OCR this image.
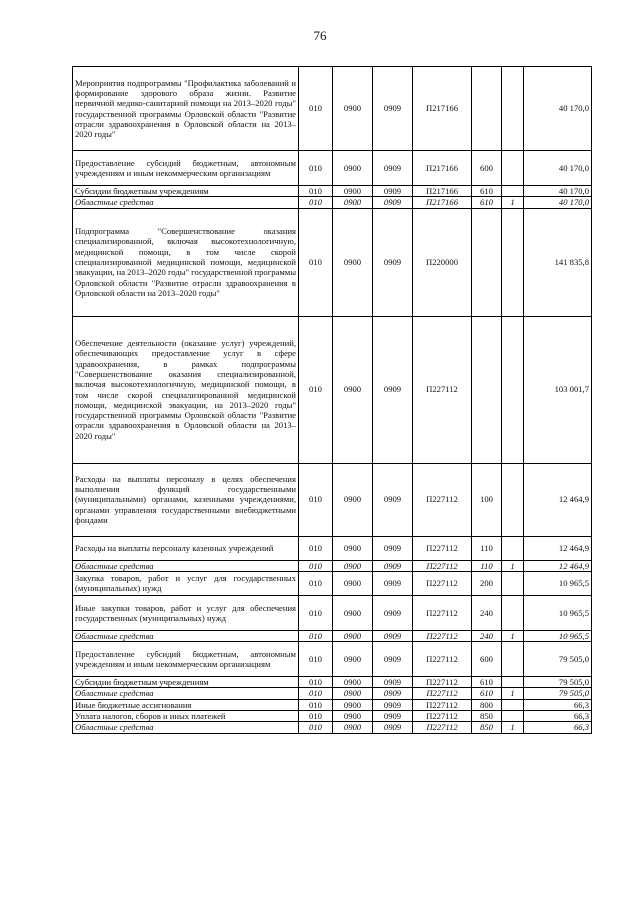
76
Мероприятия подпрограммы "Профилактика заболеваний и формирование здорового образа жизни. Развитие первичной медико-санитарной помощи на 2013–2020 годы" государственной программы Орловской области "Развитие отрасли здравоохранения в Орловской области на 2013–2020 годы"	010	0900	0909	П217166			40 170,0
Предоставление субсидий бюджетным, автономным учреждениям и иным некоммерческим организациям	010	0900	0909	П217166	600		40 170,0
Субсидии бюджетным учреждениям	010	0900	0909	П217166	610		40 170,0
Областные средства	010	0900	0909	П217166	610	1	40 170,0
Подпрограмма "Совершенствование оказания специализированной, включая высокотехнологичную, медицинской помощи, в том числе скорой специализированной медицинской помощи, медицинской эвакуации, на 2013–2020 годы" государственной программы Орловской области "Развитие отрасли здравоохранения в Орловской области на 2013–2020 годы"	010	0900	0909	П220000			141 835,8
Обеспечение деятельности (оказание услуг) учреждений, обеспечивающих предоставление услуг в сфере здравоохранения, в рамках подпрограммы "Совершенствование оказания специализированной, включая высокотехнологичную, медицинской помощи, в том числе скорой специализированной медицинской помощи, медицинской эвакуации, на 2013–2020 годы" государственной программы Орловской области "Развитие отрасли здравоохранения в Орловской области на 2013–2020 годы"	010	0900	0909	П227112			103 001,7
Расходы на выплаты персоналу в целях обеспечения выполнения функций государственными (муниципальными) органами, казенными учреждениями, органами управления государственными внебюджетными фондами	010	0900	0909	П227112	100		12 464,9
Расходы на выплаты персоналу казенных учреждений	010	0900	0909	П227112	110		12 464,9
Областные средства	010	0900	0909	П227112	110	1	12 464,9
Закупка товаров, работ и услуг для государственных (муниципальных) нужд	010	0900	0909	П227112	200		10 965,5
Иные закупки товаров, работ и услуг для обеспечения государственных (муниципальных) нужд	010	0900	0909	П227112	240		10 965,5
Областные средства	010	0900	0909	П227112	240	1	10 965,5
Предоставление субсидий бюджетным, автономным учреждениям и иным некоммерческим организациям	010	0900	0909	П227112	600		79 505,0
Субсидии бюджетным учреждениям	010	0900	0909	П227112	610		79 505,0
Областные средства	010	0900	0909	П227112	610	1	79 505,0
Иные бюджетные ассигнования	010	0900	0909	П227112	800		66,3
Уплата налогов, сборов и иных платежей	010	0900	0909	П227112	850		66,3
Областные средства	010	0900	0909	П227112	850	1	66,3
